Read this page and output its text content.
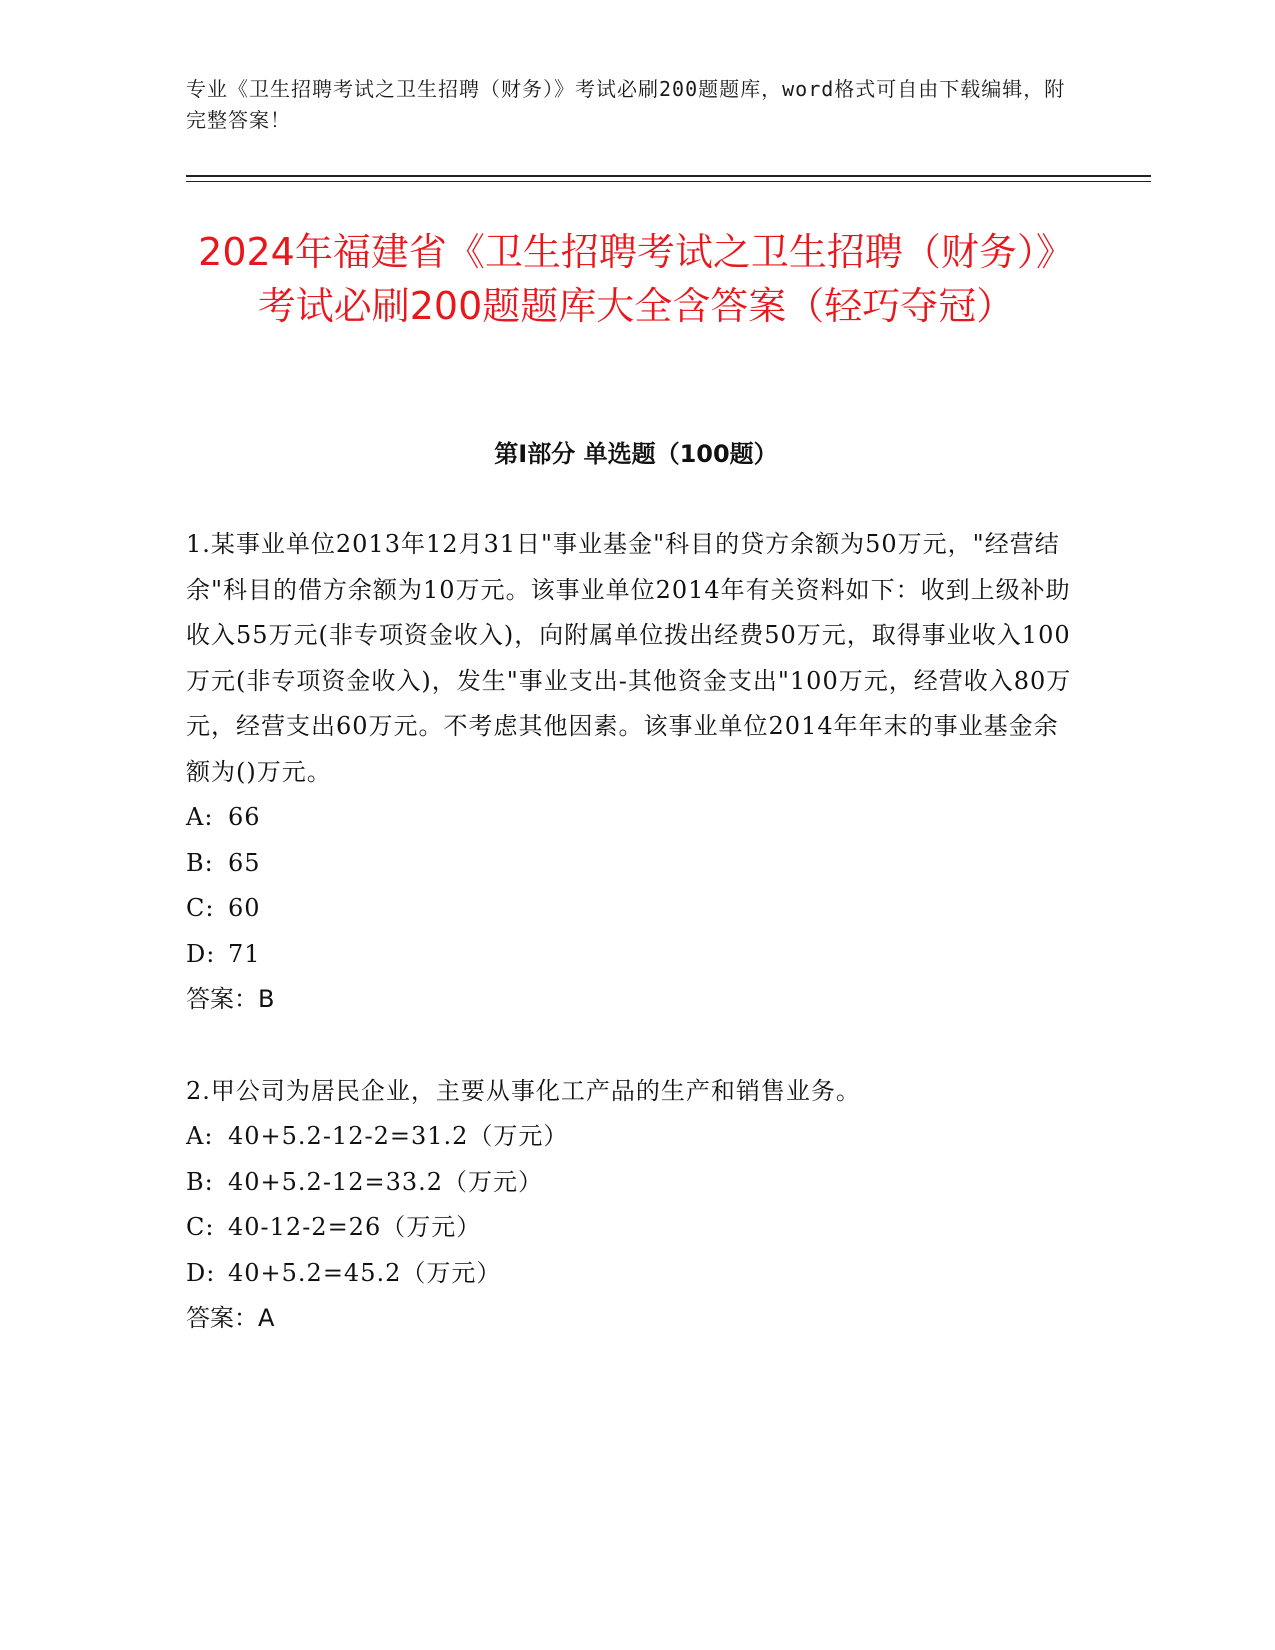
专业《卫生招聘考试之卫生招聘（财务）》考试必刷200题题库，word格式可自由下载编辑，附完整答案！
2024年福建省《卫生招聘考试之卫生招聘（财务）》考试必刷200题题库大全含答案（轻巧夺冠）
第I部分 单选题（100题）

1.某事业单位2013年12月31日"事业基金"科目的贷方余额为50万元，"经营结余"科目的借方余额为10万元。该事业单位2014年有关资料如下：收到上级补助收入55万元(非专项资金收入)，向附属单位拨出经费50万元，取得事业收入100万元(非专项资金收入)，发生"事业支出-其他资金支出"100万元，经营收入80万元，经营支出60万元。不考虑其他因素。该事业单位2014年年末的事业基金余额为()万元。

A: 66

B: 65

C: 60

D: 71

答案：B

2.甲公司为居民企业，主要从事化工产品的生产和销售业务。

A: 40+5.2-12-2=31.2（万元）

B: 40+5.2-12=33.2（万元）

C: 40-12-2=26（万元）

D: 40+5.2=45.2（万元）

答案：A
